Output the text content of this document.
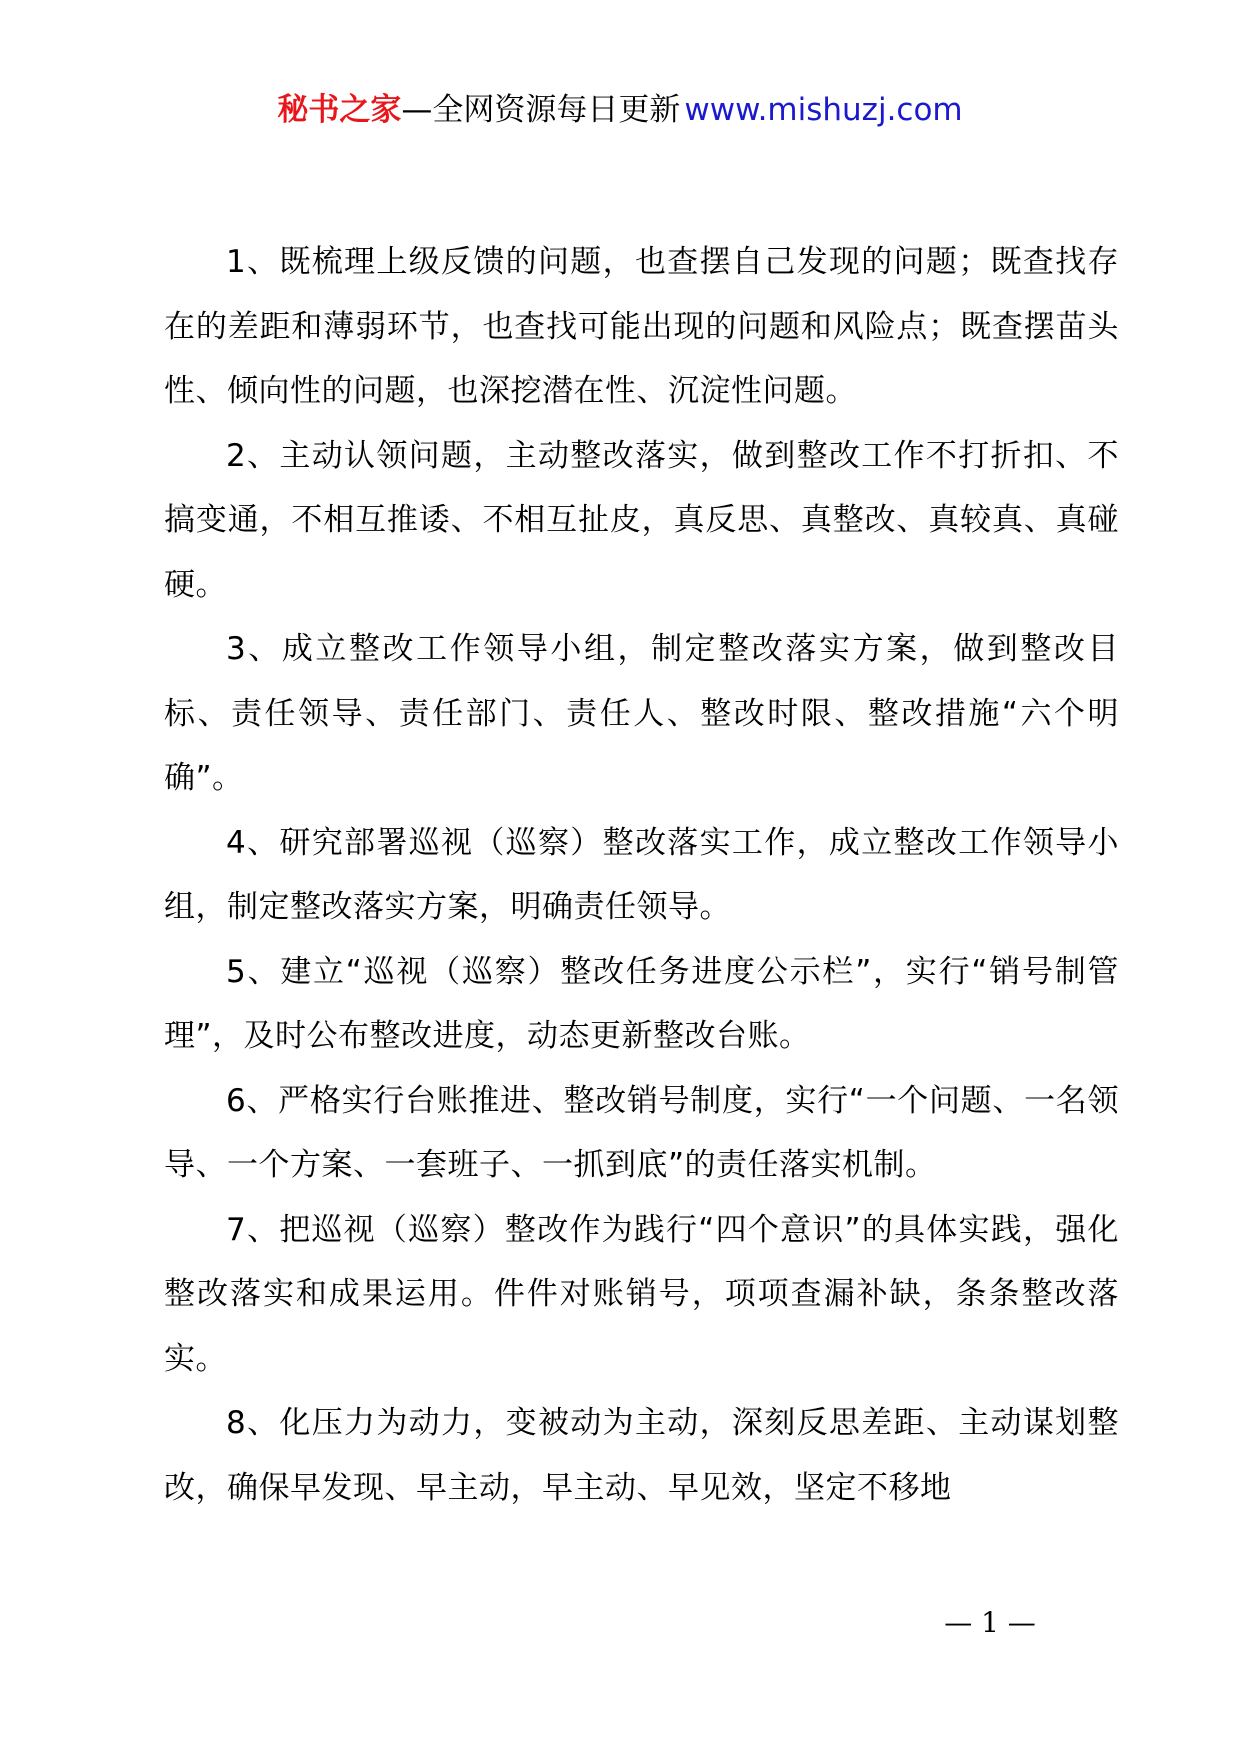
秘书之家—全网资源每日更新 www.mishuzj.com

1、既梳理上级反馈的问题，也查摆自己发现的问题；既查找存在的差距和薄弱环节，也查找可能出现的问题和风险点；既查摆苗头性、倾向性的问题，也深挖潜在性、沉淀性问题。

2、主动认领问题，主动整改落实，做到整改工作不打折扣、不搞变通，不相互推诿、不相互扯皮，真反思、真整改、真较真、真碰硬。

3、成立整改工作领导小组，制定整改落实方案，做到整改目标、责任领导、责任部门、责任人、整改时限、整改措施“六个明确”。

4、研究部署巡视（巡察）整改落实工作，成立整改工作领导小组，制定整改落实方案，明确责任领导。

5、建立“巡视（巡察）整改任务进度公示栏”，实行“销号制管理”，及时公布整改进度，动态更新整改台账。

6、严格实行台账推进、整改销号制度，实行“一个问题、一名领导、一个方案、一套班子、一抓到底”的责任落实机制。

7、把巡视（巡察）整改作为践行“四个意识”的具体实践，强化整改落实和成果运用。件件对账销号，项项查漏补缺，条条整改落实。

8、化压力为动力，变被动为主动，深刻反思差距、主动谋划整改，确保早发现、早主动，早主动、早见效，坚定不移地

— 1 —
